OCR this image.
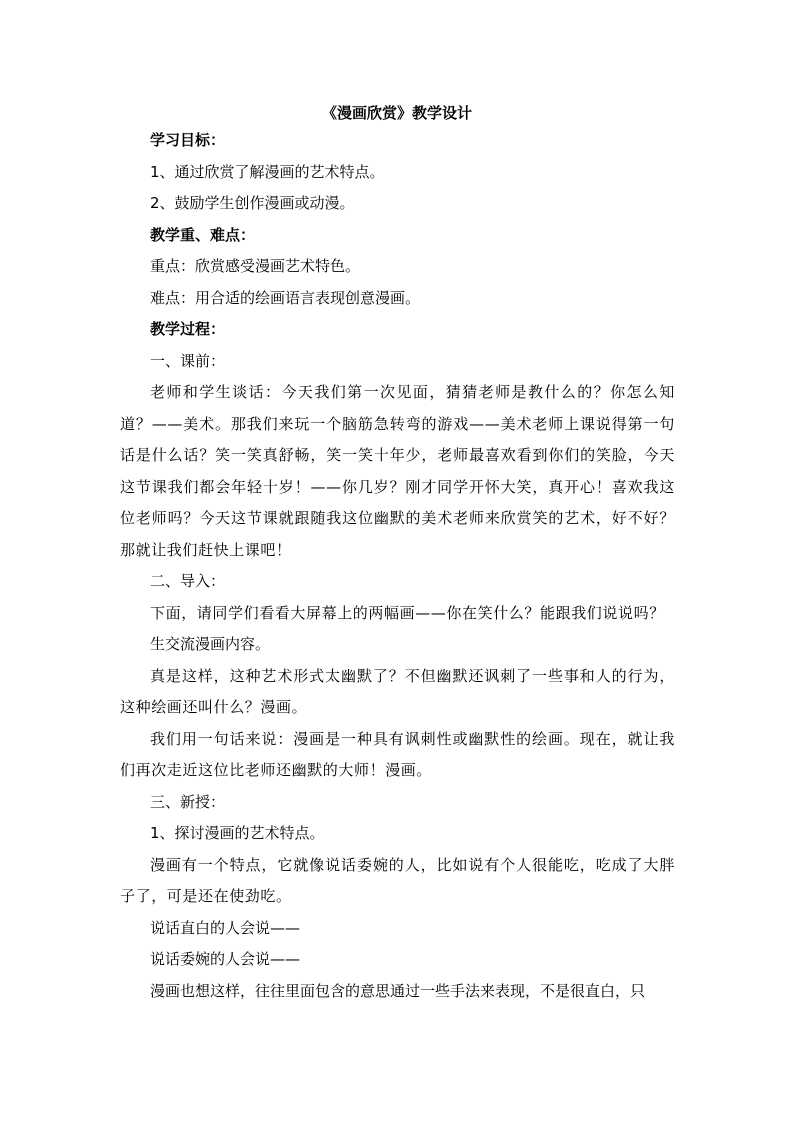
《漫画欣赏》教学设计
学习目标：
1、通过欣赏了解漫画的艺术特点。
2、鼓励学生创作漫画或动漫。
教学重、难点：
重点：欣赏感受漫画艺术特色。
难点：用合适的绘画语言表现创意漫画。
教学过程：
一、课前：
老师和学生谈话：今天我们第一次见面，猜猜老师是教什么的？你怎么知道？——美术。那我们来玩一个脑筋急转弯的游戏——美术老师上课说得第一句话是什么话？笑一笑真舒畅，笑一笑十年少，老师最喜欢看到你们的笑脸，今天这节课我们都会年轻十岁！——你几岁？刚才同学开怀大笑，真开心！喜欢我这位老师吗？今天这节课就跟随我这位幽默的美术老师来欣赏笑的艺术，好不好？那就让我们赶快上课吧！
二、导入：
下面，请同学们看看大屏幕上的两幅画——你在笑什么？能跟我们说说吗？
生交流漫画内容。
真是这样，这种艺术形式太幽默了？不但幽默还讽刺了一些事和人的行为，这种绘画还叫什么？漫画。
我们用一句话来说：漫画是一种具有讽刺性或幽默性的绘画。现在，就让我们再次走近这位比老师还幽默的大师！漫画。
三、新授：
1、探讨漫画的艺术特点。
漫画有一个特点，它就像说话委婉的人，比如说有个人很能吃，吃成了大胖子了，可是还在使劲吃。
说话直白的人会说——
说话委婉的人会说——
漫画也想这样，往往里面包含的意思通过一些手法来表现，不是很直白，只
